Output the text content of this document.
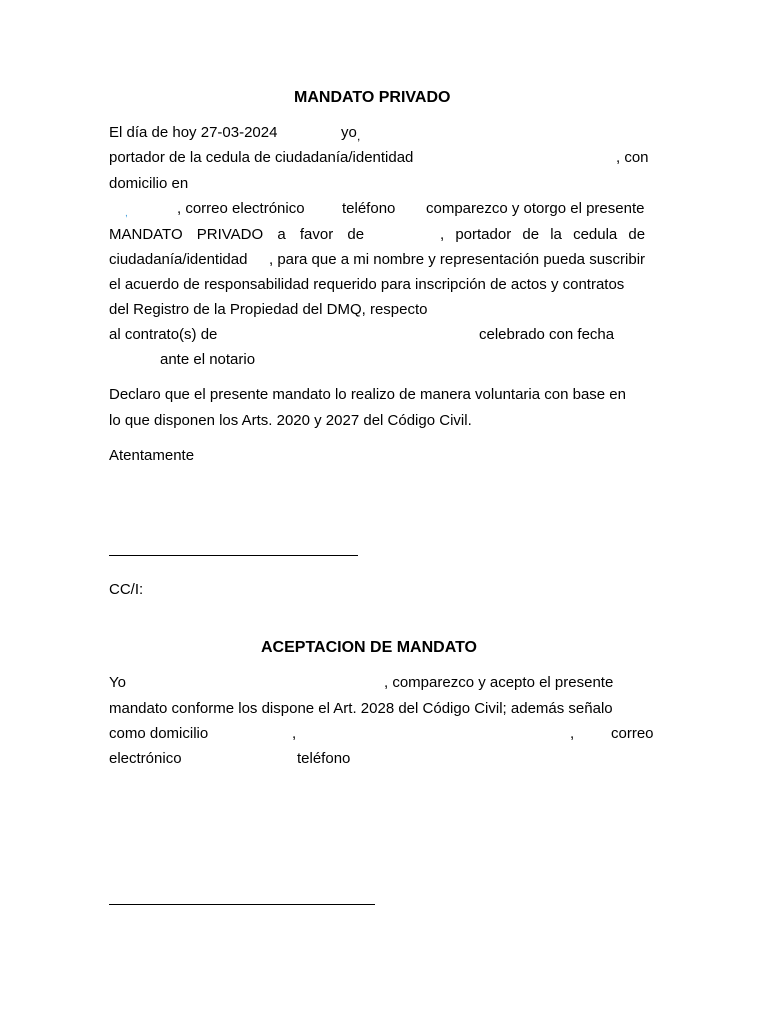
MANDATO PRIVADO
El día de hoy 27-03-2024	yo ,
portador de la cedula de ciudadanía/identidad	, con
domicilio en
,	, correo electrónico teléfono comparezco y otorgo el presente
MANDATO PRIVADO a favor de	, portador de la cedula de
ciudadanía/identidad , para que a mi nombre y representación pueda suscribir
el acuerdo de responsabilidad requerido para inscripción de actos y contratos
del Registro de la Propiedad del DMQ, respecto
al contrato(s) de	celebrado con fecha
ante el notario
Declaro que el presente mandato lo realizo de manera voluntaria con base en
lo que disponen los Arts. 2020 y 2027 del Código Civil.
Atentamente
CC/I:
ACEPTACION DE MANDATO
Yo	, comparezco y acepto el presente
mandato conforme los dispone el Art. 2028 del Código Civil; además señalo
como domicilio	,	, correo
electrónico	teléfono
